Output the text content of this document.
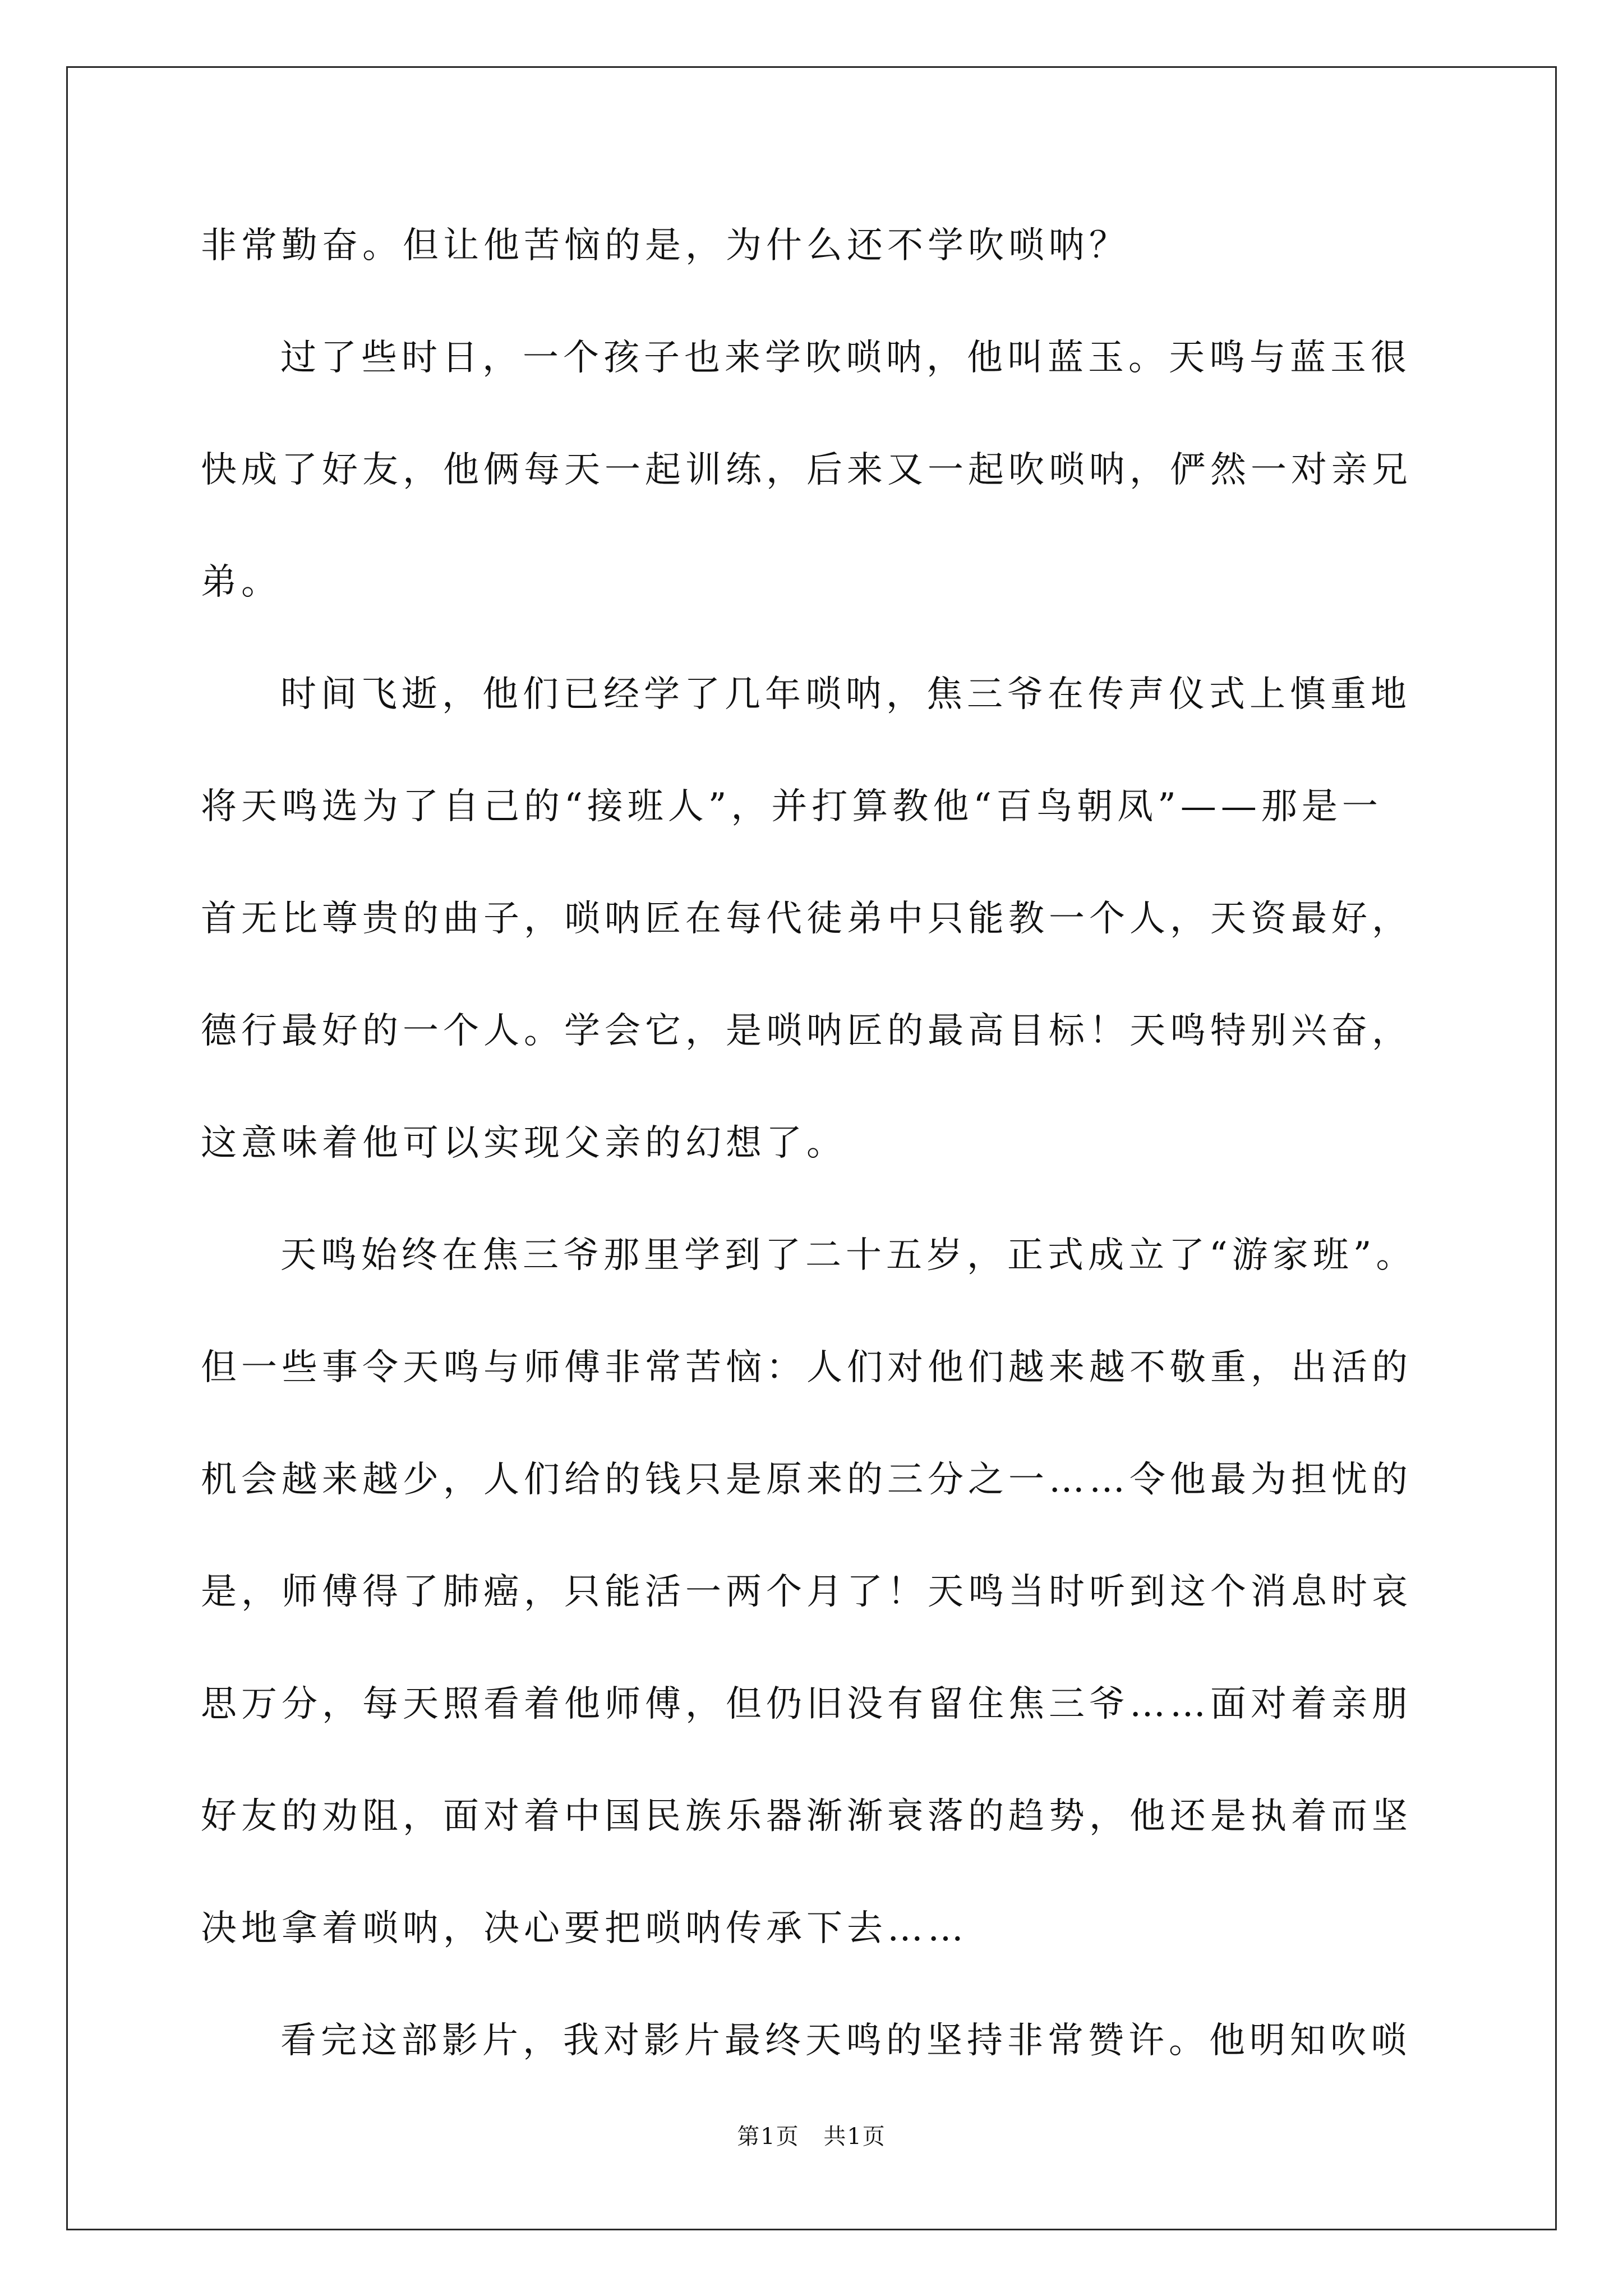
非常勤奋。但让他苦恼的是，为什么还不学吹唢呐？
过了些时日，一个孩子也来学吹唢呐，他叫蓝玉。天鸣与蓝玉很
快成了好友，他俩每天一起训练，后来又一起吹唢呐，俨然一对亲兄
弟。
时间飞逝，他们已经学了几年唢呐，焦三爷在传声仪式上慎重地
将天鸣选为了自己的“接班人”，并打算教他“百鸟朝凤”——那是一
首无比尊贵的曲子，唢呐匠在每代徒弟中只能教一个人，天资最好，
德行最好的一个人。学会它，是唢呐匠的最高目标！天鸣特别兴奋，
这意味着他可以实现父亲的幻想了。
天鸣始终在焦三爷那里学到了二十五岁，正式成立了“游家班”。
但一些事令天鸣与师傅非常苦恼：人们对他们越来越不敬重，出活的
机会越来越少，人们给的钱只是原来的三分之一……令他最为担忧的
是，师傅得了肺癌，只能活一两个月了！天鸣当时听到这个消息时哀
思万分，每天照看着他师傅，但仍旧没有留住焦三爷……面对着亲朋
好友的劝阻，面对着中国民族乐器渐渐衰落的趋势，他还是执着而坚
决地拿着唢呐，决心要把唢呐传承下去……
看完这部影片，我对影片最终天鸣的坚持非常赞许。他明知吹唢
第1页 共1页
